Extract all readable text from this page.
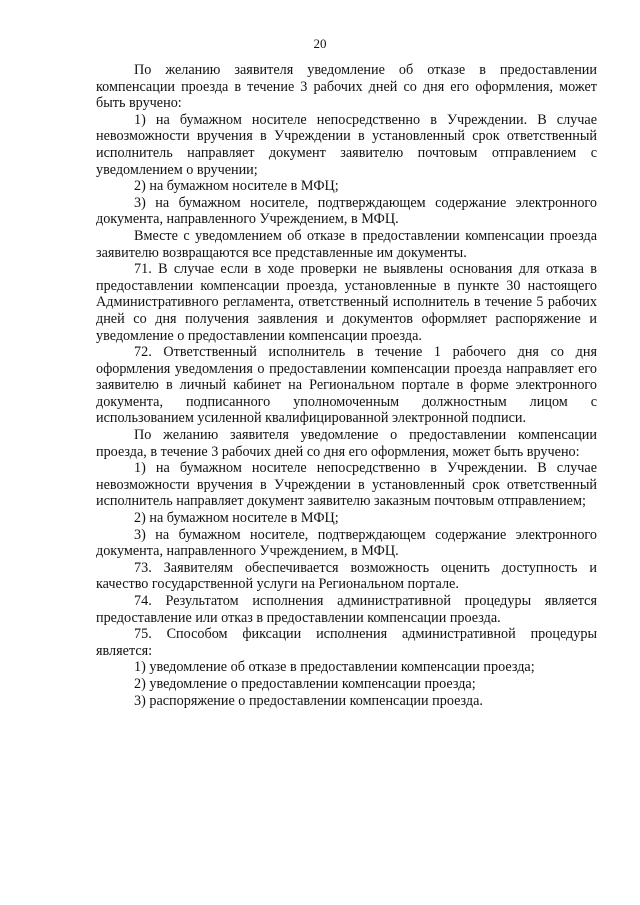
20

По желанию заявителя уведомление об отказе в предоставлении компенсации проезда в течение 3 рабочих дней со дня его оформления, может быть вручено:

1) на бумажном носителе непосредственно в Учреждении. В случае невозможности вручения в Учреждении в установленный срок ответственный исполнитель направляет документ заявителю почтовым отправлением с уведомлением о вручении;

2) на бумажном носителе в МФЦ;

3) на бумажном носителе, подтверждающем содержание электронного документа, направленного Учреждением, в МФЦ.

Вместе с уведомлением об отказе в предоставлении компенсации проезда заявителю возвращаются все представленные им документы.

71. В случае если в ходе проверки не выявлены основания для отказа в предоставлении компенсации проезда, установленные в пункте 30 настоящего Административного регламента, ответственный исполнитель в течение 5 рабочих дней со дня получения заявления и документов оформляет распоряжение и уведомление о предоставлении компенсации проезда.

72. Ответственный исполнитель в течение 1 рабочего дня со дня оформления уведомления о предоставлении компенсации проезда направляет его заявителю в личный кабинет на Региональном портале в форме электронного документа, подписанного уполномоченным должностным лицом с использованием усиленной квалифицированной электронной подписи.

По желанию заявителя уведомление о предоставлении компенсации проезда, в течение 3 рабочих дней со дня его оформления, может быть вручено:

1) на бумажном носителе непосредственно в Учреждении. В случае невозможности вручения в Учреждении в установленный срок ответственный исполнитель направляет документ заявителю заказным почтовым отправлением;

2) на бумажном носителе в МФЦ;

3) на бумажном носителе, подтверждающем содержание электронного документа, направленного Учреждением, в МФЦ.

73. Заявителям обеспечивается возможность оценить доступность и качество государственной услуги на Региональном портале.

74. Результатом исполнения административной процедуры является предоставление или отказ в предоставлении компенсации проезда.

75. Способом фиксации исполнения административной процедуры является:

1) уведомление об отказе в предоставлении компенсации проезда;

2) уведомление о предоставлении компенсации проезда;

3) распоряжение о предоставлении компенсации проезда.
